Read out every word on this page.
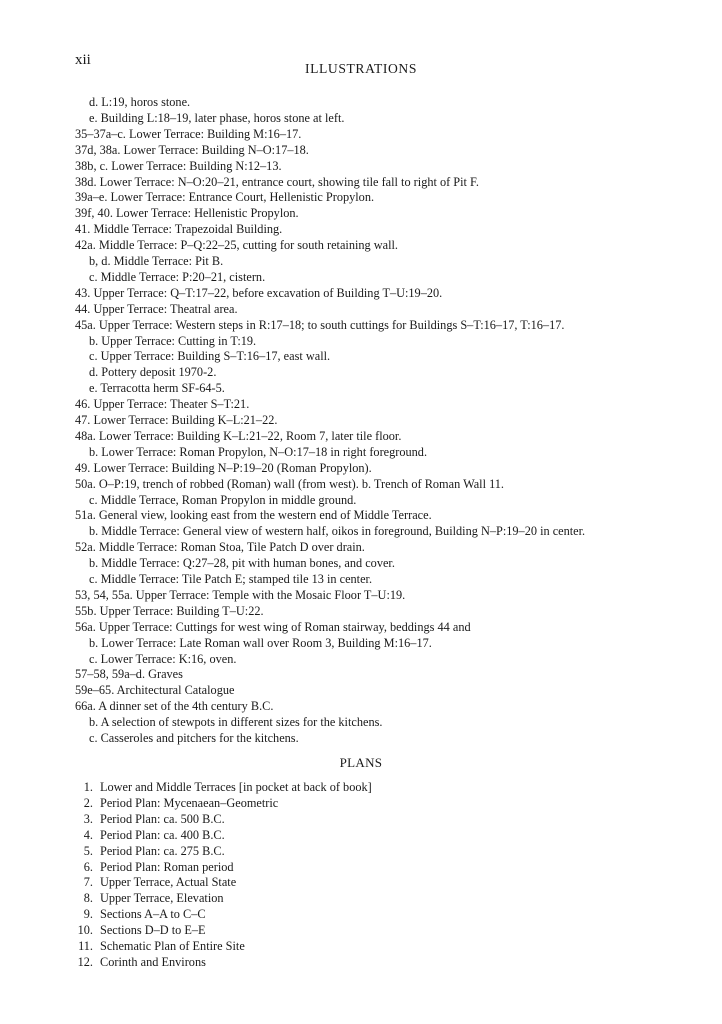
xii
ILLUSTRATIONS
d. L:19, horos stone.
e. Building L:18–19, later phase, horos stone at left.
35–37a–c. Lower Terrace: Building M:16–17.
37d, 38a. Lower Terrace: Building N–O:17–18.
38b, c. Lower Terrace: Building N:12–13.
38d. Lower Terrace: N–O:20–21, entrance court, showing tile fall to right of Pit F.
39a–e. Lower Terrace: Entrance Court, Hellenistic Propylon.
39f, 40. Lower Terrace: Hellenistic Propylon.
41. Middle Terrace: Trapezoidal Building.
42a. Middle Terrace: P–Q:22–25, cutting for south retaining wall.
b, d. Middle Terrace: Pit B.
c. Middle Terrace: P:20–21, cistern.
43. Upper Terrace: Q–T:17–22, before excavation of Building T–U:19–20.
44. Upper Terrace: Theatral area.
45a. Upper Terrace: Western steps in R:17–18; to south cuttings for Buildings S–T:16–17, T:16–17.
b. Upper Terrace: Cutting in T:19.
c. Upper Terrace: Building S–T:16–17, east wall.
d. Pottery deposit 1970-2.
e. Terracotta herm SF-64-5.
46. Upper Terrace: Theater S–T:21.
47. Lower Terrace: Building K–L:21–22.
48a. Lower Terrace: Building K–L:21–22, Room 7, later tile floor.
b. Lower Terrace: Roman Propylon, N–O:17–18 in right foreground.
49. Lower Terrace: Building N–P:19–20 (Roman Propylon).
50a. O–P:19, trench of robbed (Roman) wall (from west). b. Trench of Roman Wall 11.
c. Middle Terrace, Roman Propylon in middle ground.
51a. General view, looking east from the western end of Middle Terrace.
b. Middle Terrace: General view of western half, oikos in foreground, Building N–P:19–20 in center.
52a. Middle Terrace: Roman Stoa, Tile Patch D over drain.
b. Middle Terrace: Q:27–28, pit with human bones, and cover.
c. Middle Terrace: Tile Patch E; stamped tile 13 in center.
53, 54, 55a. Upper Terrace: Temple with the Mosaic Floor T–U:19.
55b. Upper Terrace: Building T–U:22.
56a. Upper Terrace: Cuttings for west wing of Roman stairway, beddings 44 and
b. Lower Terrace: Late Roman wall over Room 3, Building M:16–17.
c. Lower Terrace: K:16, oven.
57–58, 59a–d. Graves
59e–65. Architectural Catalogue
66a. A dinner set of the 4th century B.C.
b. A selection of stewpots in different sizes for the kitchens.
c. Casseroles and pitchers for the kitchens.
PLANS
1. Lower and Middle Terraces [in pocket at back of book]
2. Period Plan: Mycenaean–Geometric
3. Period Plan: ca. 500 B.C.
4. Period Plan: ca. 400 B.C.
5. Period Plan: ca. 275 B.C.
6. Period Plan: Roman period
7. Upper Terrace, Actual State
8. Upper Terrace, Elevation
9. Sections A–A to C–C
10. Sections D–D to E–E
11. Schematic Plan of Entire Site
12. Corinth and Environs
